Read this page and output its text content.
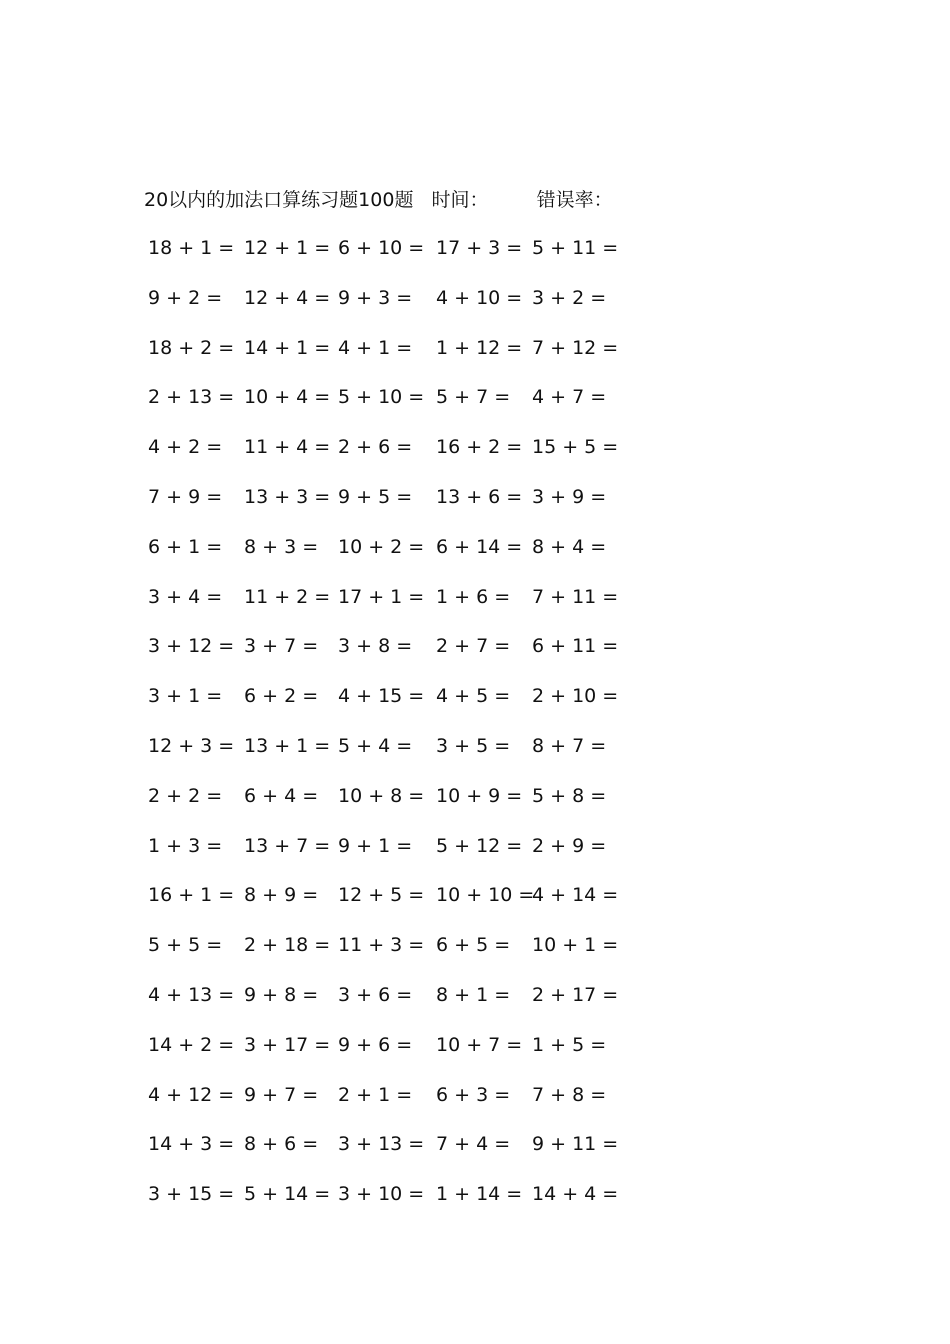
20以内的加法口算练习题100题 时间：	错误率：
18 + 1 = 12 + 1 = 6 + 10 = 17 + 3 = 5 + 11 =
9 + 2 = 12 + 4 = 9 + 3 = 4 + 10 = 3 + 2 =
18 + 2 = 14 + 1 = 4 + 1 = 1 + 12 = 7 + 12 =
2 + 13 = 10 + 4 = 5 + 10 = 5 + 7 = 4 + 7 =
4 + 2 = 11 + 4 = 2 + 6 = 16 + 2 = 15 + 5 =
7 + 9 = 13 + 3 = 9 + 5 = 13 + 6 = 3 + 9 =
6 + 1 = 8 + 3 = 10 + 2 = 6 + 14 = 8 + 4 =
3 + 4 = 11 + 2 = 17 + 1 = 1 + 6 = 7 + 11 =
3 + 12 = 3 + 7 = 3 + 8 = 2 + 7 = 6 + 11 =
3 + 1 = 6 + 2 = 4 + 15 = 4 + 5 = 2 + 10 =
12 + 3 = 13 + 1 = 5 + 4 = 3 + 5 = 8 + 7 =
2 + 2 = 6 + 4 = 10 + 8 = 10 + 9 = 5 + 8 =
1 + 3 = 13 + 7 = 9 + 1 = 5 + 12 = 2 + 9 =
16 + 1 = 8 + 9 = 12 + 5 = 10 + 10 =
4 + 14 =
5 + 5 = 2 + 18 = 11 + 3 = 6 + 5 = 10 + 1 =
4 + 13 = 9 + 8 = 3 + 6 = 8 + 1 = 2 + 17 =
14 + 2 = 3 + 17 = 9 + 6 = 10 + 7 = 1 + 5 =
4 + 12 = 9 + 7 = 2 + 1 = 6 + 3 = 7 + 8 =
14 + 3 = 8 + 6 = 3 + 13 = 7 + 4 = 9 + 11 =
3 + 15 = 5 + 14 = 3 + 10 = 1 + 14 = 14 + 4 =
